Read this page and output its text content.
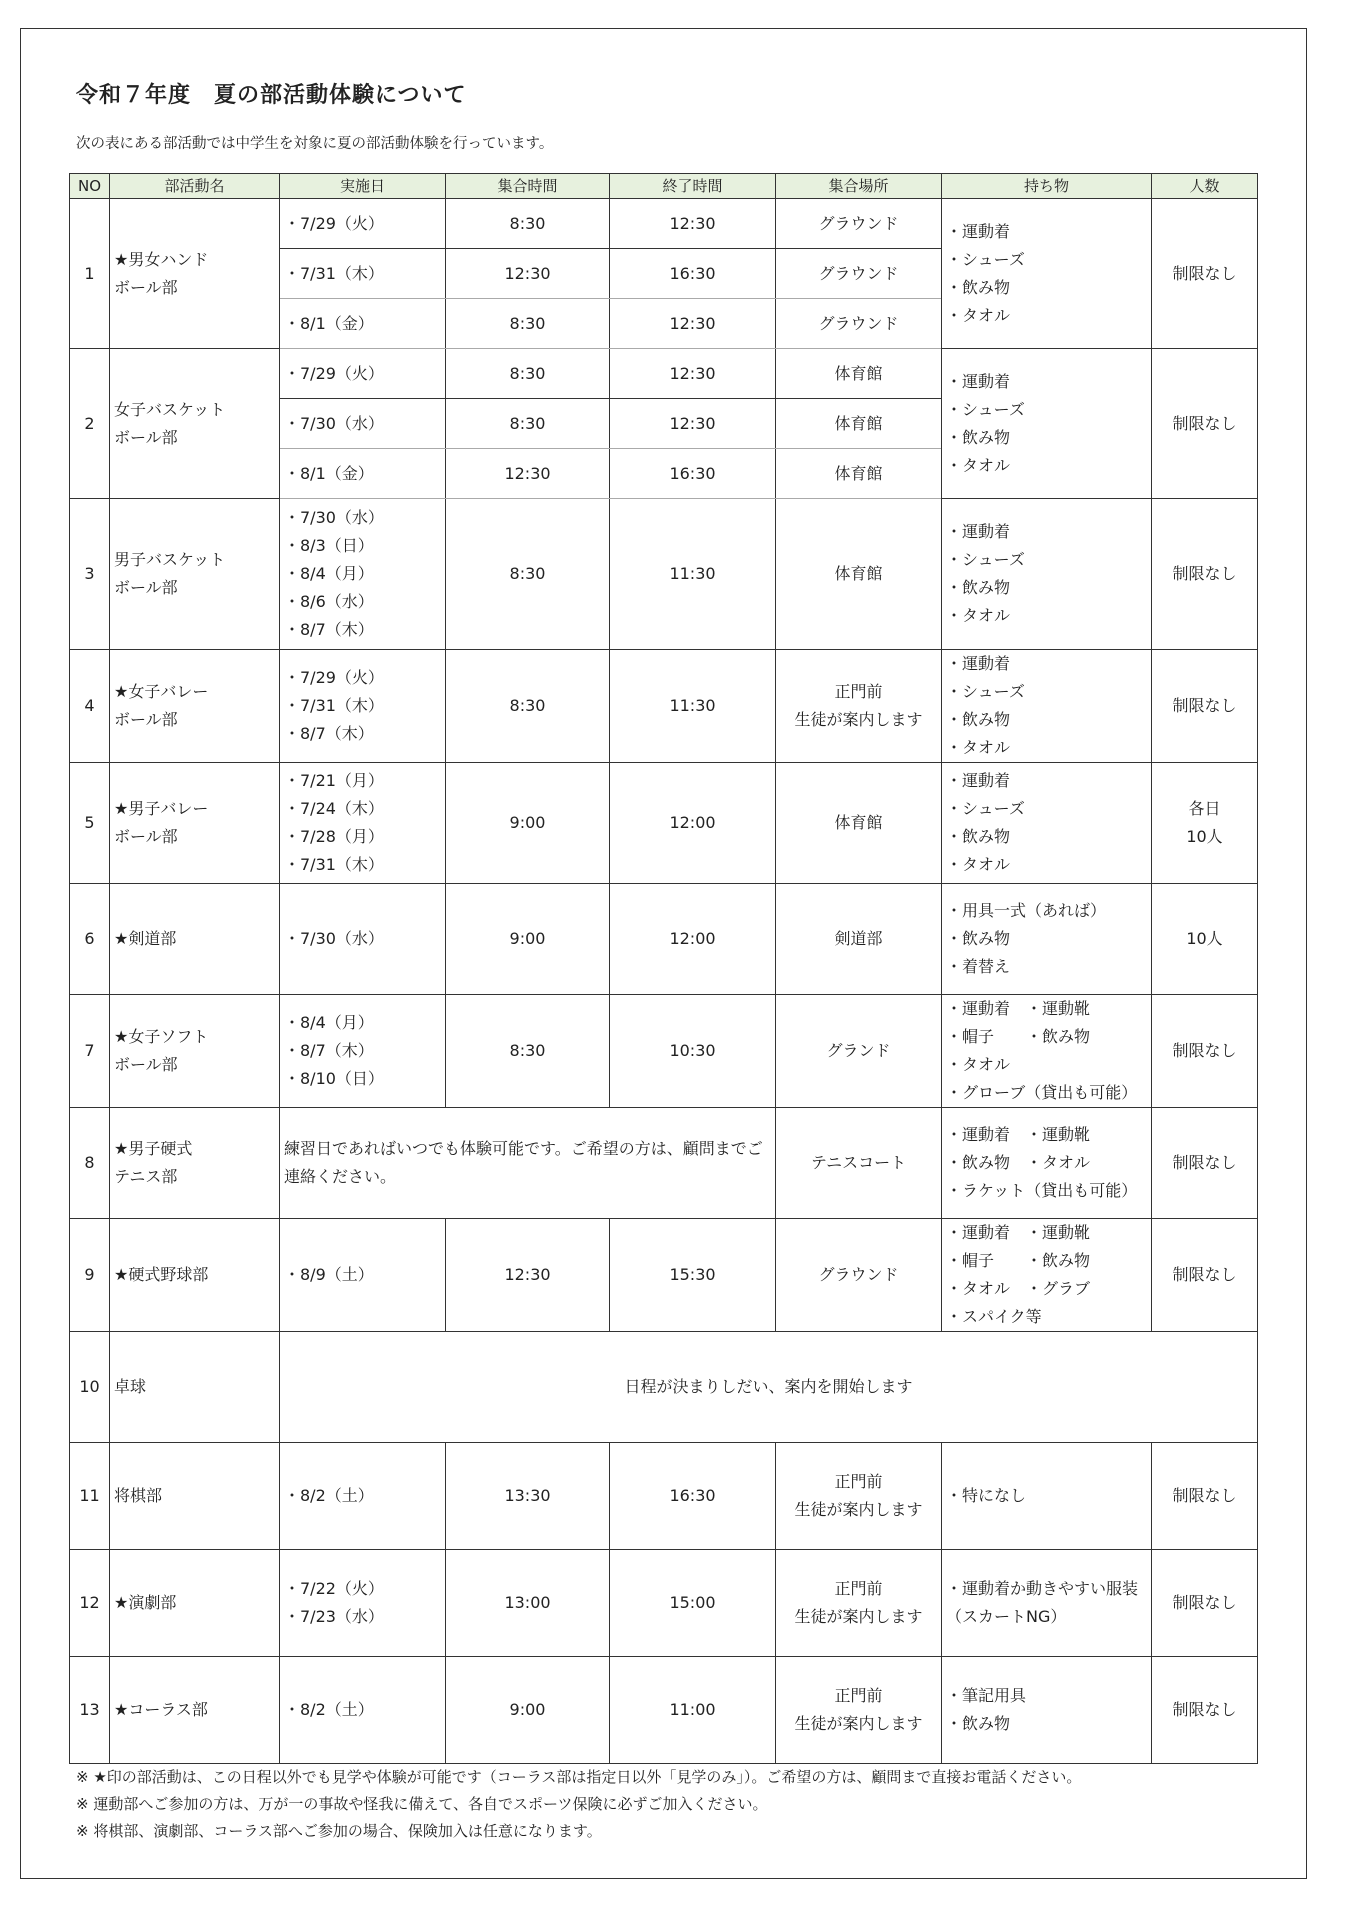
令和７年度　夏の部活動体験について
次の表にある部活動では中学生を対象に夏の部活動体験を行っています。
NO	部活動名	実施日	集合時間	終了時間	集合場所	持ち物	人数
1	★男女ハンド
ボール部	・7/29（火）	8:30	12:30	グラウンド	・運動着
・シューズ
・飲み物
・タオル	制限なし

		・7/31（木）	12:30	16:30	グラウンド		
		・8/1（金）	8:30	12:30	グラウンド		
2	女子バスケット
ボール部	・7/29（火）	8:30	12:30	体育館	・運動着
・シューズ
・飲み物
・タオル	制限なし

		・7/30（水）	8:30	12:30	体育館		
		・8/1（金）	12:30	16:30	体育館		
3	男子バスケット
ボール部	・7/30（水）
・8/3（日）
・8/4（月）
・8/6（水）
・8/7（木）	8:30	11:30	体育館	・運動着
・シューズ
・飲み物
・タオル	制限なし

4	★女子バレー
ボール部	・7/29（火）
・7/31（木）
・8/7（木）	8:30	11:30	正門前
生徒が案内します	・運動着
・シューズ
・飲み物
・タオル	制限なし

5	★男子バレー
ボール部	・7/21（月）
・7/24（木）
・7/28（月）
・7/31（木）	9:00	12:00	体育館	・運動着
・シューズ
・飲み物
・タオル	各日
10人

6	★剣道部	・7/30（水）	9:00	12:00	剣道部	・用具一式（あれば）
・飲み物
・着替え	10人

7	★女子ソフト
ボール部	・8/4（月）
・8/7（木）
・8/10（日）	8:30	10:30	グランド	・運動着　・運動靴
・帽子　　・飲み物
・タオル
・グローブ（貸出も可能）	制限なし

8	★男子硬式
テニス部	練習日であればいつでも体験可能です。ご希望の方は、顧問までご連絡ください。			テニスコート	・運動着　・運動靴
・飲み物　・タオル
・ラケット（貸出も可能）	制限なし

9	★硬式野球部	・8/9（土）	12:30	15:30	グラウンド	・運動着　・運動靴
・帽子　　・飲み物
・タオル　・グラブ
・スパイク等	制限なし

10	卓球	日程が決まりしだい、案内を開始します					
11	将棋部	・8/2（土）	13:30	16:30	正門前
生徒が案内します	・特になし	制限なし

12	★演劇部	・7/22（火）
・7/23（水）	13:00	15:00	正門前
生徒が案内します	・運動着か動きやすい服装
（スカートNG）	制限なし

13	★コーラス部	・8/2（土）	9:00	11:00	正門前
生徒が案内します	・筆記用具
・飲み物	制限なし
※ ★印の部活動は、この日程以外でも見学や体験が可能です（コーラス部は指定日以外「見学のみ」）。ご希望の方は、顧問まで直接お電話ください。
※ 運動部へご参加の方は、万が一の事故や怪我に備えて、各自でスポーツ保険に必ずご加入ください。
※ 将棋部、演劇部、コーラス部へご参加の場合、保険加入は任意になります。
